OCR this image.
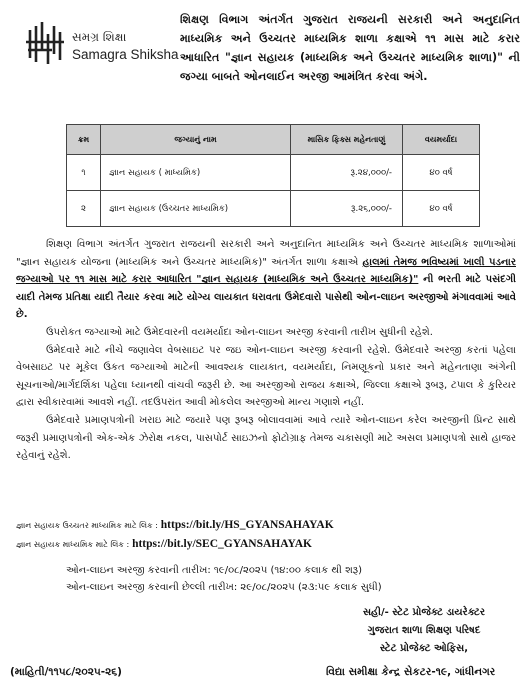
સમગ્ર શિક્ષા
Samagra Shiksha
શિક્ષણ વિભાગ અંતર્ગત ગુજરાત રાજયની સરકારી અને અનુદાનિત માધ્યમિક અને ઉચ્ચતર માધ્યમિક શાળા કક્ષાએ ૧૧ માસ માટે કરાર આધારિત "જ્ઞાન સહાયક (માધ્યમિક અને ઉચ્ચતર માધ્યમિક શાળા)" ની જગ્યા બાબતે ઓનલાઈન અરજી આમંત્રિત કરવા અંગે.
ક્રમ	જગ્યાનું નામ	માસિક ફિક્સ મહેનતાણું	વયમર્યાદા
૧	જ્ઞાન સહાયક ( માધ્યમિક)	રૂ.૨૪,૦૦૦/-	૪૦ વર્ષ
૨	જ્ઞાન સહાયક (ઉચ્ચતર માધ્યમિક)	રૂ.૨૬,૦૦૦/-	૪૦ વર્ષ

શિક્ષણ વિભાગ અંતર્ગત ગુજરાત રાજયની સરકારી અને અનુદાનિત માધ્યમિક અને ઉચ્ચતર માધ્યમિક શાળાઓમાં "જ્ઞાન સહાયક યોજના (માધ્યમિક અને ઉચ્ચતર માધ્યમિક)" અંતર્ગત શાળા કક્ષાએ હાલમાં તેમજ ભવિષ્યમાં ખાલી પડનાર જગ્યાઓ પર ૧૧ માસ માટે કરાર આધારિત "જ્ઞાન સહાયક (માધ્યમિક અને ઉચ્ચતર માધ્યમિક)" ની ભરતી માટે પસંદગી યાદી તેમજ પ્રતિક્ષા યાદી તૈયાર કરવા માટે યોગ્ય લાયકાત ધરાવતા ઉમેદવારો પાસેથી ઓન-લાઇન અરજીઓ મંગાવવામાં આવે છે.

ઉપરોકત જગ્યાઓ માટે ઉમેદવારની વયમર્યાદા ઓન-લાઇન અરજી કરવાની તારીખ સુધીની રહેશે.

ઉમેદવારે માટે નીચે જણાવેલ વેબસાઇટ પર જઇ ઓન-લાઇન અરજી કરવાની રહેશે. ઉમેદવારે અરજી કરતાં પહેલા વેબસાઇટ પર મૂકેલ ઉકત જગ્યાઓ માટેની આવશ્યક લાયકાત, વયમર્યાદા, નિમણૂકનો પ્રકાર અને મહેનતાણા અંગેની સૂચનાઓ/માર્ગદર્શિકા પહેલા ધ્યાનથી વાંચવી જરૂરી છે. આ અરજીઓ રાજય કક્ષાએ, જિલ્લા કક્ષાએ રૂબરૂ, ટપાલ કે કુરિયર દ્વારા સ્વીકારવામાં આવશે નહીં. તદઉપરાંત આવી મોકલેલ અરજીઓ માન્ય ગણાશે નહીં.

ઉમેદવારે પ્રમાણપત્રોની ખરાઇ માટે જયારે પણ રૂબરૂ બોલાવવામાં આવે ત્યારે ઓન-લાઇન કરેલ અરજીની પ્રિન્ટ સાથે જરૂરી પ્રમાણપત્રોની એક-એક ઝેરોક્ષ નકલ, પાસપોર્ટ સાઇઝનો ફોટોગ્રાફ તેમજ ચકાસણી માટે અસલ પ્રમાણપત્રો સાથે હાજર રહેવાનું રહેશે.

જ્ઞાન સહાયક ઉચ્ચતર માધ્યમિક માટે લિંક : https://bit.ly/HS_GYANSAHAYAK
જ્ઞાન સહાયક માધ્યમિક માટે લિંક : https://bit.ly/SEC_GYANSAHAYAK
ઓન-લાઇન અરજી કરવાની તારીખ: ૧૯/૦૮/૨૦૨૫ (૧૪:૦૦ કલાક થી શરૂ)
ઓન-લાઇન અરજી કરવાની છેલ્લી તારીખ: ૨૯/૦૮/૨૦૨૫ (૨૩:૫૯ કલાક સુધી)
સહી/- સ્ટેટ પ્રોજેક્ટ ડાયરેક્ટર
ગુજરાત શાળા શિક્ષણ પરિષદ
સ્ટેટ પ્રોજેક્ટ ઓફિસ,
(માહિતી/૧૧૫૮/૨૦૨૫-૨૬)	વિદ્યા સમીક્ષા કેન્દ્ર સેકટર-૧૯, ગાંધીનગર
